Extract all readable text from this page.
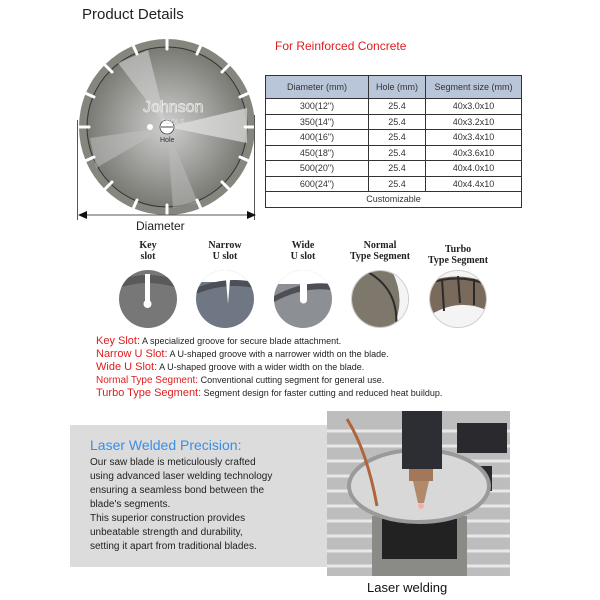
Product Details
Johnson
TOOLS
Hole
Diameter
For Reinforced Concrete
Diameter (mm)	Hole (mm)	Segment size (mm)
300(12")	25.4	40x3.0x10
350(14")	25.4	40x3.2x10
400(16")	25.4	40x3.4x10
450(18")	25.4	40x3.6x10
500(20")	25.4	40x4.0x10
600(24")	25.4	40x4.4x10
Customizable		
Key
slot
Narrow
U slot
Wide
U slot
Normal
Type Segment
Turbo
Type Segment
Key Slot: A specialized groove for secure blade attachment.
Narrow U Slot: A U-shaped groove with a narrower width on the blade.
Wide U Slot: A U-shaped groove with a wider width on the blade.
Normal Type Segment: Conventional cutting segment for general use.
Turbo Type Segment: Segment design for faster cutting and reduced heat buildup.
Laser Welded Precision:
Our saw blade is meticulously crafted
using advanced laser welding technology
ensuring a seamless bond between the
blade's segments.
This superior construction provides
unbeatable strength and durability,
setting it apart from traditional blades.
Laser welding
